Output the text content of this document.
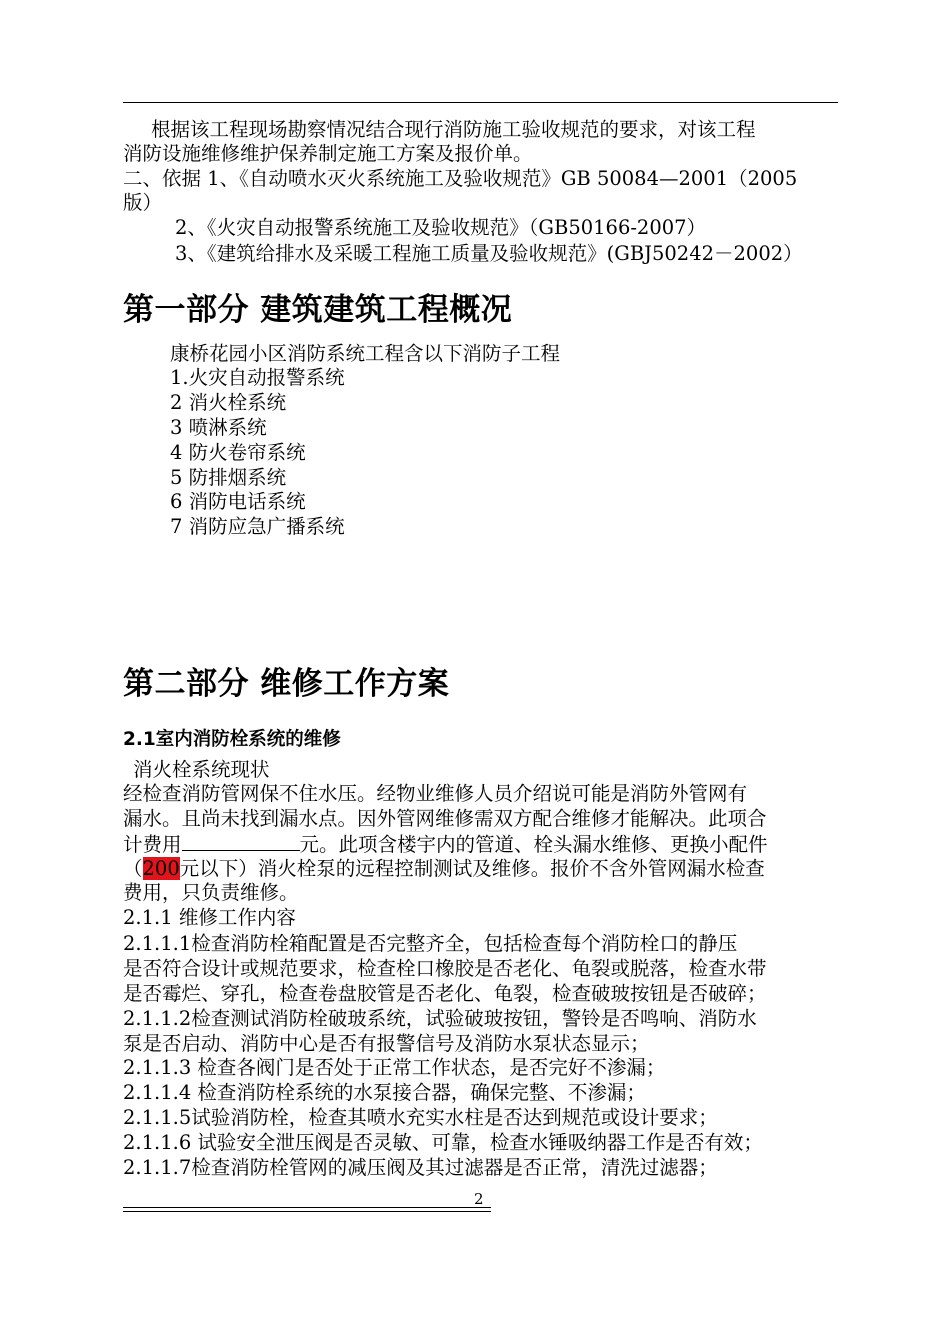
根据该工程现场勘察情况结合现行消防施工验收规范的要求，对该工程
消防设施维修维护保养制定施工方案及报价单。
二、依据 1、《自动喷水灭火系统施工及验收规范》GB 50084—2001（2005
版）
2、《火灾自动报警系统施工及验收规范》（GB50166-2007）
3、《建筑给排水及采暖工程施工质量及验收规范》(GBJ50242－2002）
第一部分 建筑建筑工程概况
康桥花园小区消防系统工程含以下消防子工程
1.火灾自动报警系统
2 消火栓系统
3 喷淋系统
4 防火卷帘系统
5 防排烟系统
6 消防电话系统
7 消防应急广播系统
第二部分 维修工作方案
2.1室内消防栓系统的维修
消火栓系统现状
经检查消防管网保不住水压。经物业维修人员介绍说可能是消防外管网有
漏水。且尚未找到漏水点。因外管网维修需双方配合维修才能解决。此项合
计费用	元。此项含楼宇内的管道、栓头漏水维修、更换小配件
（200元以下）消火栓泵的远程控制测试及维修。报价不含外管网漏水检查
费用，只负责维修。
2.1.1 维修工作内容
2.1.1.1检查消防栓箱配置是否完整齐全，包括检查每个消防栓口的静压
是否符合设计或规范要求，检查栓口橡胶是否老化、龟裂或脱落，检查水带
是否霉烂、穿孔，检查卷盘胶管是否老化、龟裂，检查破玻按钮是否破碎；
2.1.1.2检查测试消防栓破玻系统，试验破玻按钮，警铃是否鸣响、消防水
泵是否启动、消防中心是否有报警信号及消防水泵状态显示；
2.1.1.3 检查各阀门是否处于正常工作状态，是否完好不渗漏；
2.1.1.4 检查消防栓系统的水泵接合器，确保完整、不渗漏；
2.1.1.5试验消防栓，检查其喷水充实水柱是否达到规范或设计要求；
2.1.1.6 试验安全泄压阀是否灵敏、可靠，检查水锤吸纳器工作是否有效；
2.1.1.7检查消防栓管网的减压阀及其过滤器是否正常，清洗过滤器；
2
